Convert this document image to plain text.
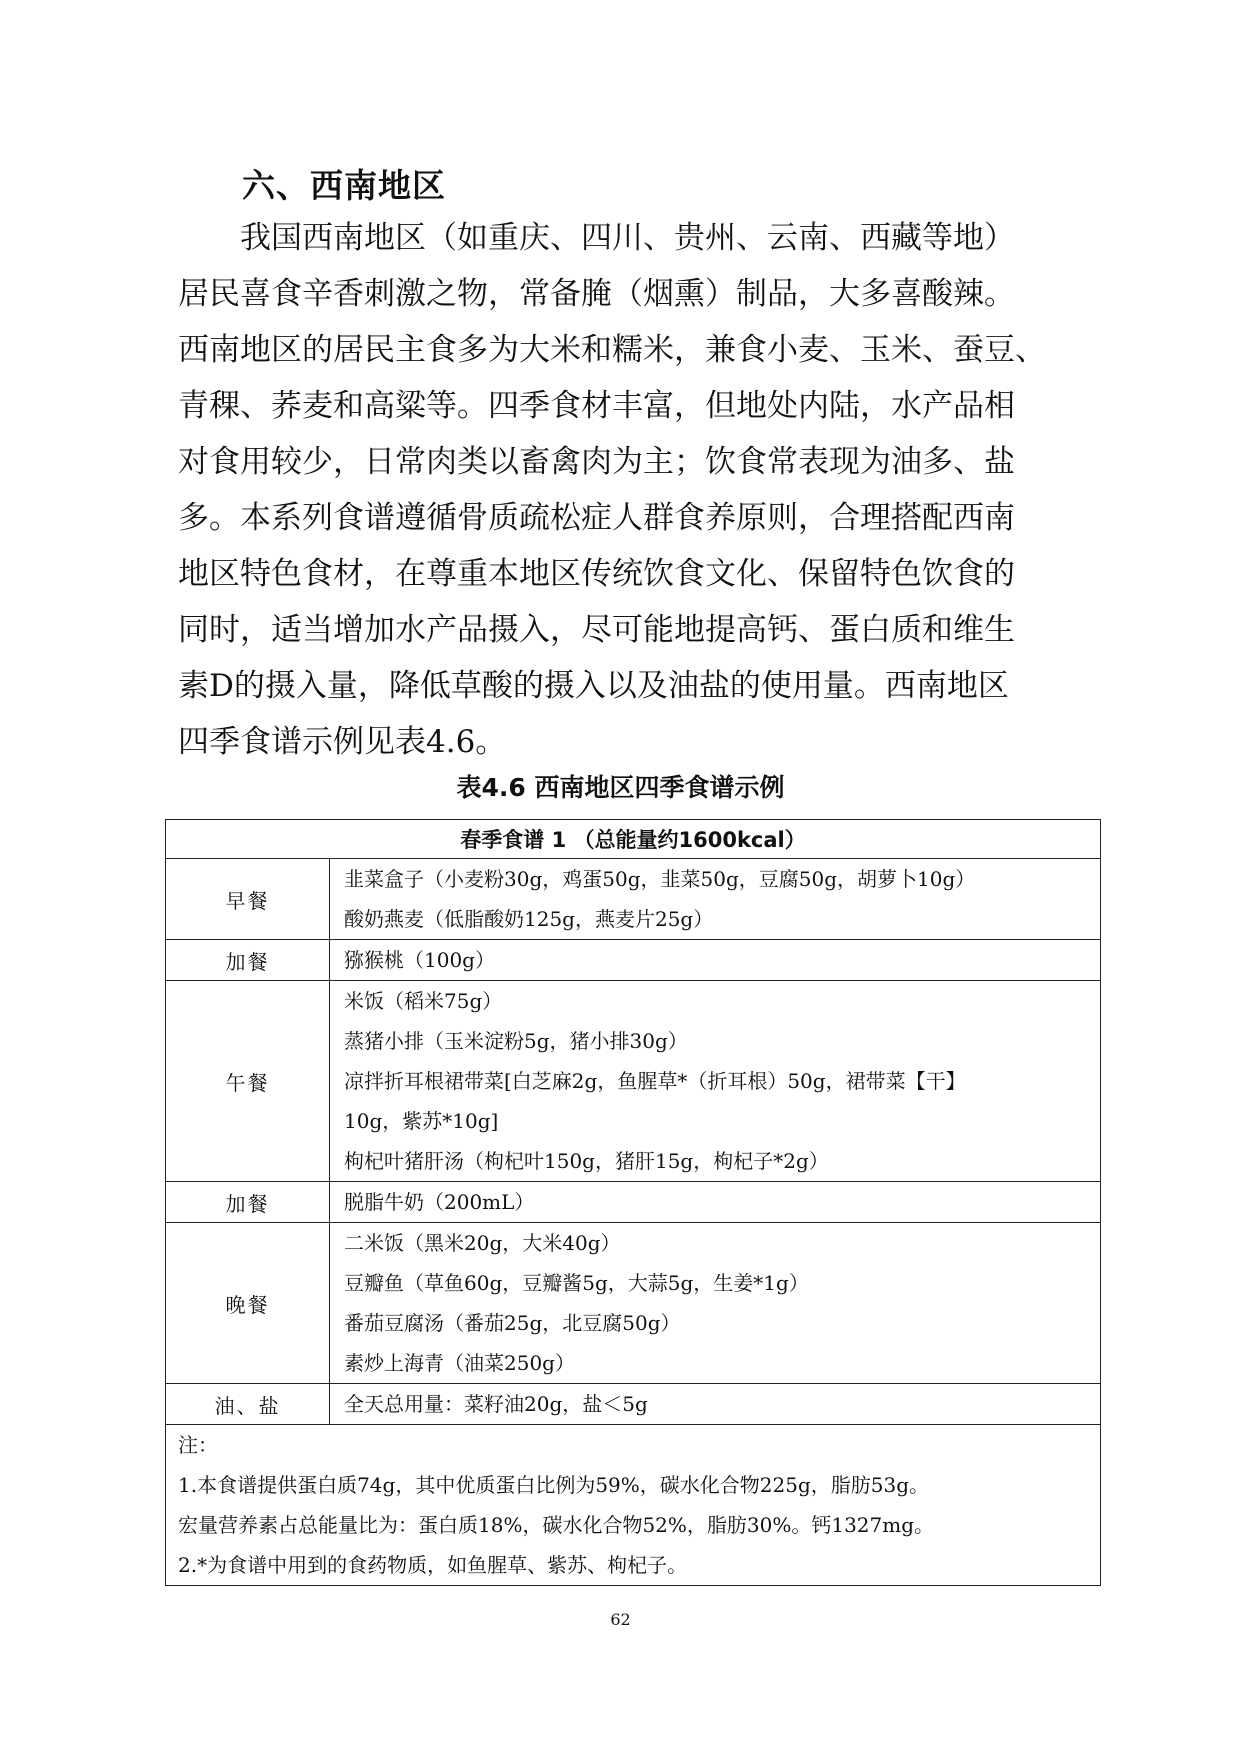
六、西南地区
　　我国西南地区（如重庆、四川、贵州、云南、西藏等地）
居民喜食辛香刺激之物，常备腌（烟熏）制品，大多喜酸辣。
西南地区的居民主食多为大米和糯米，兼食小麦、玉米、蚕豆、
青稞、荞麦和高粱等。四季食材丰富，但地处内陆，水产品相
对食用较少，日常肉类以畜禽肉为主；饮食常表现为油多、盐
多。本系列食谱遵循骨质疏松症人群食养原则，合理搭配西南
地区特色食材，在尊重本地区传统饮食文化、保留特色饮食的
同时，适当增加水产品摄入，尽可能地提高钙、蛋白质和维生
素D的摄入量，降低草酸的摄入以及油盐的使用量。西南地区
四季食谱示例见表4.6。
表4.6 西南地区四季食谱示例
春季食谱 1 （总能量约1600kcal）	
早餐	韭菜盒子（小麦粉30g，鸡蛋50g，韭菜50g，豆腐50g，胡萝卜10g）
酸奶燕麦（低脂酸奶125g，燕麦片25g）

加餐	猕猴桃（100g）

午餐	米饭（稻米75g）
蒸猪小排（玉米淀粉5g，猪小排30g）
凉拌折耳根裙带菜[白芝麻2g，鱼腥草*（折耳根）50g，裙带菜【干】
10g，紫苏*10g]
枸杞叶猪肝汤（枸杞叶150g，猪肝15g，枸杞子*2g）

加餐	脱脂牛奶（200mL）

晚餐	二米饭（黑米20g，大米40g）
豆瓣鱼（草鱼60g，豆瓣酱5g，大蒜5g，生姜*1g）
番茄豆腐汤（番茄25g，北豆腐50g）
素炒上海青（油菜250g）

油、盐	全天总用量：菜籽油20g，盐＜5g

注：
1.本食谱提供蛋白质74g，其中优质蛋白比例为59%，碳水化合物225g，脂肪53g。
宏量营养素占总能量比为：蛋白质18%，碳水化合物52%，脂肪30%。钙1327mg。
2.*为食谱中用到的食药物质，如鱼腥草、紫苏、枸杞子。	
62
